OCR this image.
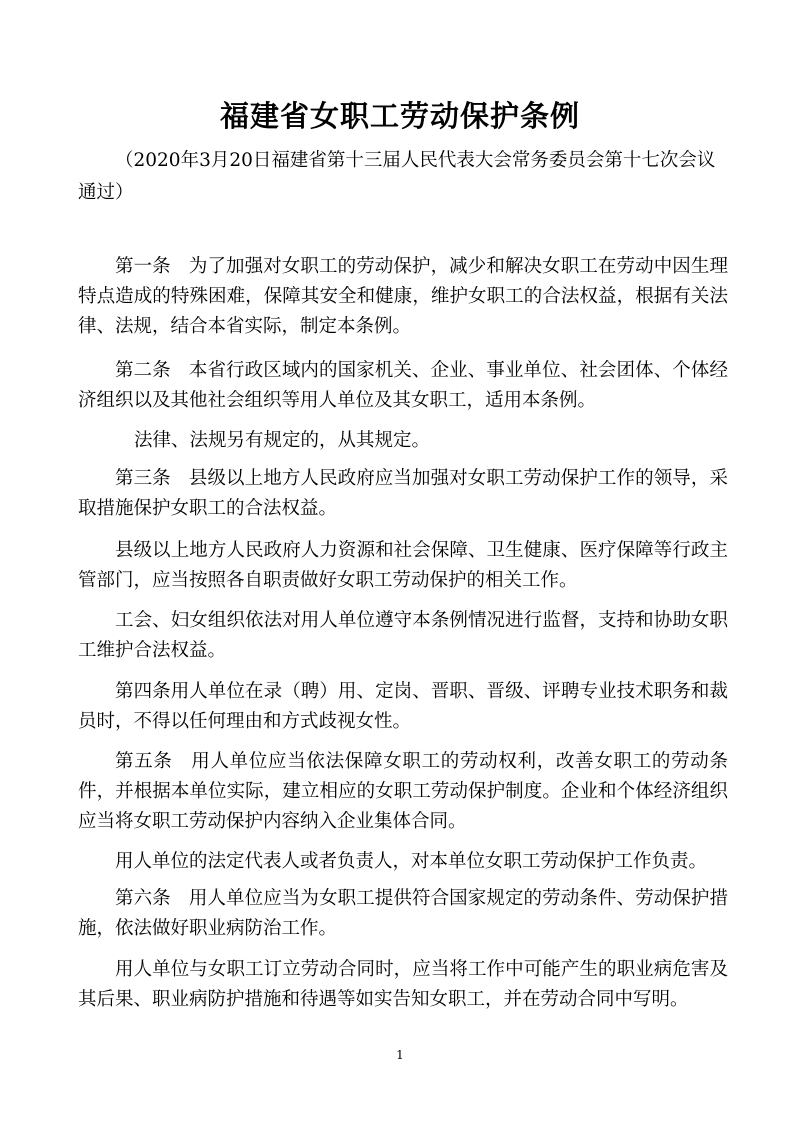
福建省女职工劳动保护条例
（2020年3月20日福建省第十三届人民代表大会常务委员会第十七次会议通过）

第一条 为了加强对女职工的劳动保护，减少和解决女职工在劳动中因生理特点造成的特殊困难，保障其安全和健康，维护女职工的合法权益，根据有关法律、法规，结合本省实际，制定本条例。

第二条 本省行政区域内的国家机关、企业、事业单位、社会团体、个体经济组织以及其他社会组织等用人单位及其女职工，适用本条例。

法律、法规另有规定的，从其规定。

第三条 县级以上地方人民政府应当加强对女职工劳动保护工作的领导，采取措施保护女职工的合法权益。

县级以上地方人民政府人力资源和社会保障、卫生健康、医疗保障等行政主管部门，应当按照各自职责做好女职工劳动保护的相关工作。

工会、妇女组织依法对用人单位遵守本条例情况进行监督，支持和协助女职工维护合法权益。

第四条用人单位在录（聘）用、定岗、晋职、晋级、评聘专业技术职务和裁员时，不得以任何理由和方式歧视女性。

第五条 用人单位应当依法保障女职工的劳动权利，改善女职工的劳动条件，并根据本单位实际，建立相应的女职工劳动保护制度。企业和个体经济组织应当将女职工劳动保护内容纳入企业集体合同。

用人单位的法定代表人或者负责人，对本单位女职工劳动保护工作负责。

第六条 用人单位应当为女职工提供符合国家规定的劳动条件、劳动保护措施，依法做好职业病防治工作。

用人单位与女职工订立劳动合同时，应当将工作中可能产生的职业病危害及其后果、职业病防护措施和待遇等如实告知女职工，并在劳动合同中写明。

1
